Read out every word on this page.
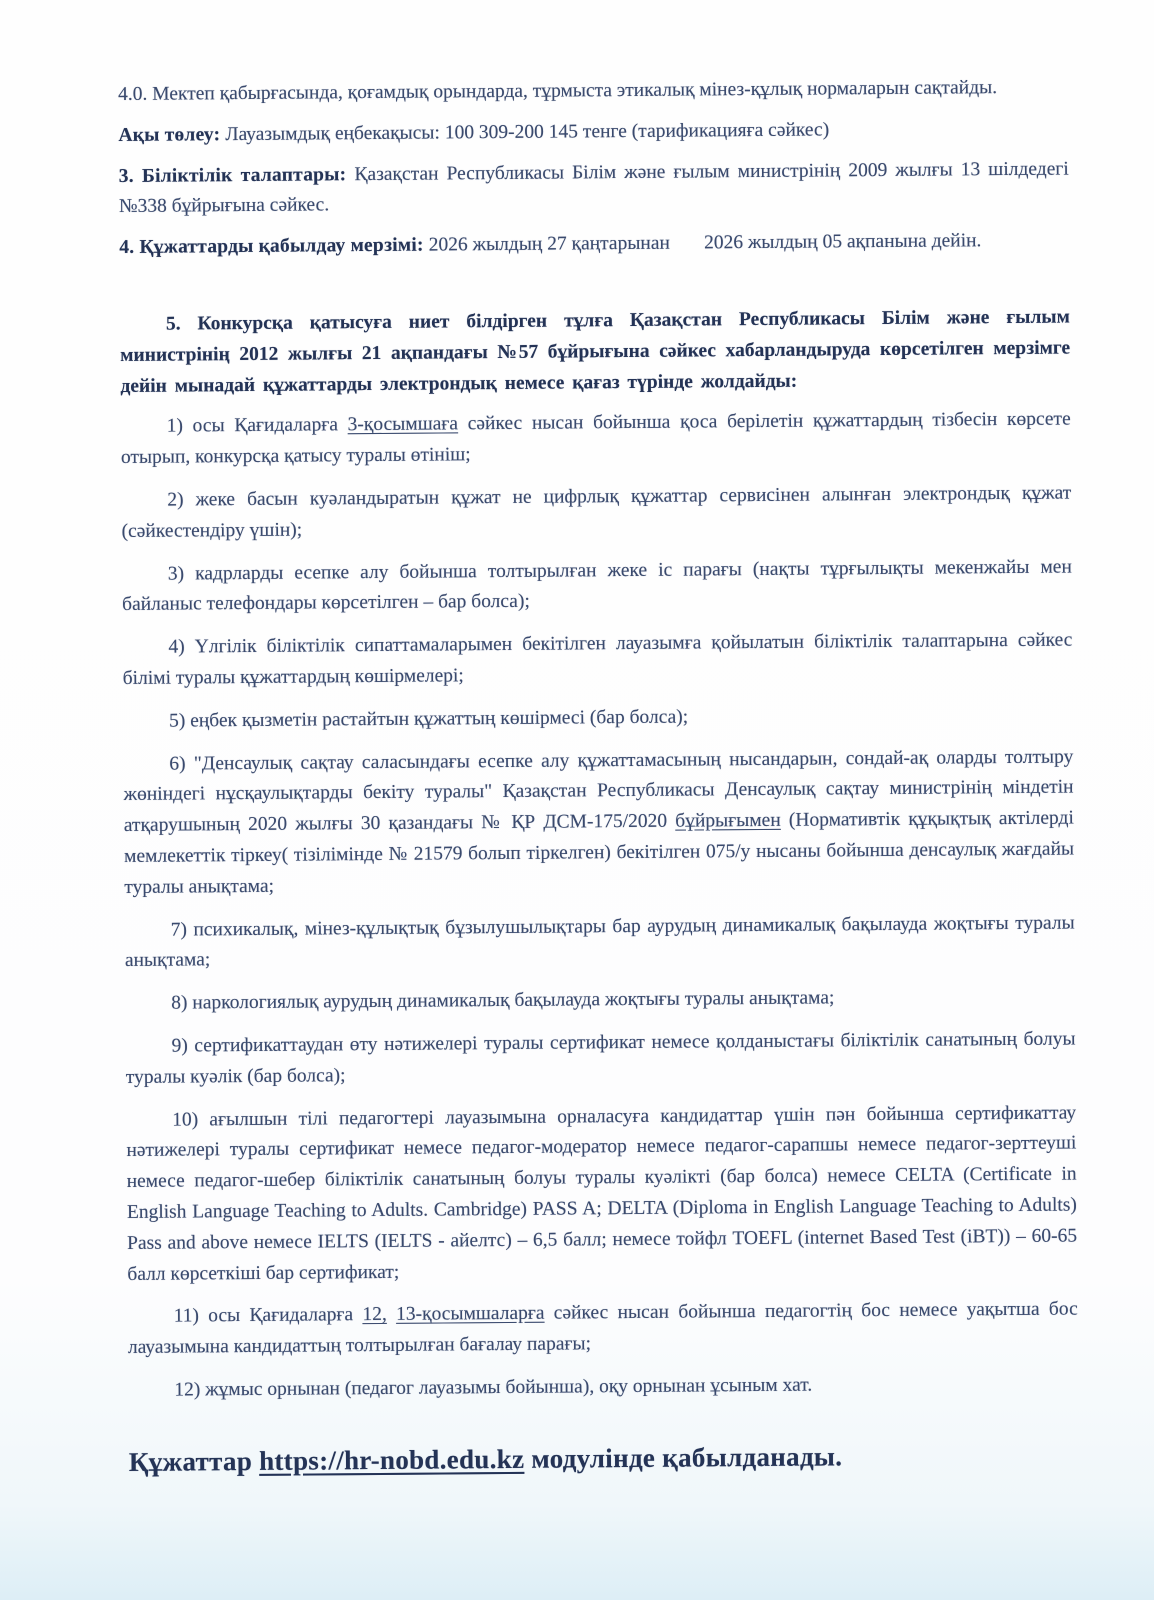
4.0. Мектеп қабырғасында, қоғамдық орындарда, тұрмыста этикалық мінез-құлық нормаларын сақтайды.

Ақы төлеу: Лауазымдық еңбекақысы: 100 309-200 145 тенге (тарификацияға сәйкес)

3. Біліктілік талаптары: Қазақстан Республикасы Білім және ғылым министрінің 2009 жылғы 13 шілдедегі №338 бұйрығына сәйкес.

4. Құжаттарды қабылдау мерзімі: 2026 жылдың 27 қаңтарынан       2026 жылдың 05 ақпанына дейін.

5. Конкурсқа қатысуға ниет білдірген тұлға Қазақстан Республикасы Білім және ғылым министрінің 2012 жылғы 21 ақпандағы №57 бұйрығына сәйкес хабарландыруда көрсетілген мерзімге дейін мынадай құжаттарды электрондық немесе қағаз түрінде жолдайды:

1) осы Қағидаларға 3-қосымшаға сәйкес нысан бойынша қоса берілетін құжаттардың тізбесін көрсете отырып, конкурсқа қатысу туралы өтініш;

2) жеке басын куәландыратын құжат не цифрлық құжаттар сервисінен алынған электрондық құжат (сәйкестендіру үшін);

3) кадрларды есепке алу бойынша толтырылған жеке іс парағы (нақты тұрғылықты мекенжайы мен байланыс телефондары көрсетілген – бар болса);

4) Үлгілік біліктілік сипаттамаларымен бекітілген лауазымға қойылатын біліктілік талаптарына сәйкес білімі туралы құжаттардың көшірмелері;

5) еңбек қызметін растайтын құжаттың көшірмесі (бар болса);

6) "Денсаулық сақтау саласындағы есепке алу құжаттамасының нысандарын, сондай-ақ оларды толтыру жөніндегі нұсқаулықтарды бекіту туралы" Қазақстан Республикасы Денсаулық сақтау министрінің міндетін атқарушының 2020 жылғы 30 қазандағы № ҚР ДСМ-175/2020 бұйрығымен (Нормативтік құқықтық актілерді мемлекеттік тіркеу( тізілімінде № 21579 болып тіркелген) бекітілген 075/у нысаны бойынша денсаулық жағдайы туралы анықтама;

7) психикалық, мінез-құлықтық бұзылушылықтары бар аурудың динамикалық бақылауда жоқтығы туралы анықтама;

8) наркологиялық аурудың динамикалық бақылауда жоқтығы туралы анықтама;

9) сертификаттаудан өту нәтижелері туралы сертификат немесе қолданыстағы біліктілік санатының болуы туралы куәлік (бар болса);

10) ағылшын тілі педагогтері лауазымына орналасуға кандидаттар үшін пән бойынша сертификаттау нәтижелері туралы сертификат немесе педагог-модератор немесе педагог-сарапшы немесе педагог-зерттеуші немесе педагог-шебер біліктілік санатының болуы туралы куәлікті (бар болса) немесе CELTA (Certificate in English Language Teaching to Adults. Cambridge) PASS A; DELTA (Diploma in English Language Teaching to Adults) Pass and above немесе IELTS (IELTS - айелтс) – 6,5 балл; немесе тойфл TOEFL (internet Based Test (iBT)) – 60-65 балл көрсеткіші бар сертификат;

11) осы Қағидаларға 12, 13-қосымшаларға сәйкес нысан бойынша педагогтің бос немесе уақытша бос лауазымына кандидаттың толтырылған бағалау парағы;

12) жұмыс орнынан (педагог лауазымы бойынша), оқу орнынан ұсыным хат.

Құжаттар https://hr-nobd.edu.kz модулінде қабылданады.
